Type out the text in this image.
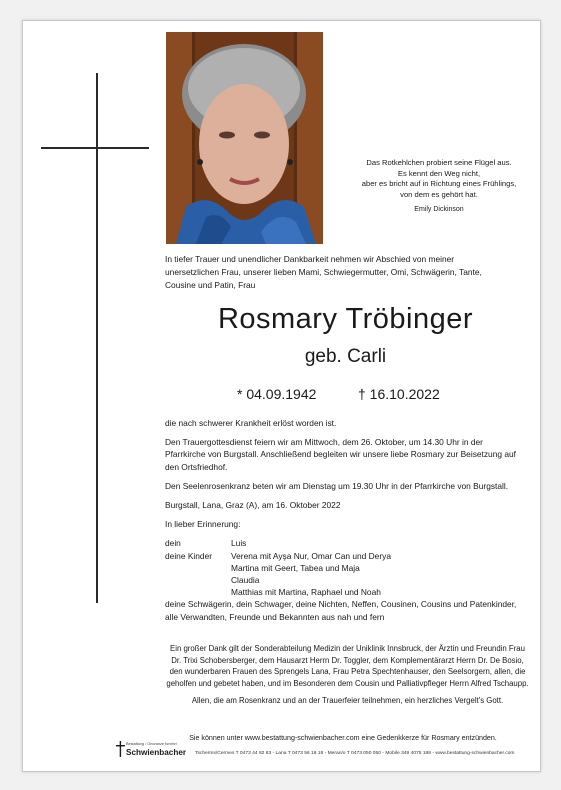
Das Rotkehlchen probiert seine Flügel aus.
Es kennt den Weg nicht,
aber es bricht auf in Richtung eines Frühlings,
von dem es gehört hat.
Emily Dickinson
In tiefer Trauer und unendlicher Dankbarkeit nehmen wir Abschied von meiner unersetzlichen Frau, unserer lieben Mami, Schwiegermutter, Omi, Schwägerin, Tante, Cousine und Patin, Frau
Rosmary Tröbinger
geb. Carli
* 04.09.1942	† 16.10.2022

die nach schwerer Krankheit erlöst worden ist.

Den Trauergottesdienst feiern wir am Mittwoch, dem 26. Oktober, um 14.30 Uhr in der Pfarrkirche von Burgstall. Anschließend begleiten wir unsere liebe Rosmary zur Beisetzung auf den Ortsfriedhof.

Den Seelenrosenkranz beten wir am Dienstag um 19.30 Uhr in der Pfarrkirche von Burgstall.

Burgstall, Lana, Graz (A), am 16. Oktober 2022

In lieber Erinnerung:

dein	Luis
deine Kinder	Verena mit Ayşa Nur, Omar Can und Derya
Martina mit Geert, Tabea und Maja
Claudia
Matthias mit Martina, Raphael und Noah
deine Schwägerin, dein Schwager, deine Nichten, Neffen, Cousinen, Cousins und Patenkinder, alle Verwandten, Freunde und Bekannten aus nah und fern

Ein großer Dank gilt der Sonderabteilung Medizin der Uniklinik Innsbruck, der Ärztin und Freundin Frau Dr. Trixi Schobersberger, dem Hausarzt Herrn Dr. Toggler, dem Komplementärarzt Herrn Dr. De Bosio, den wunderbaren Frauen des Sprengels Lana, Frau Petra Spechtenhauser, den Seelsorgern, allen, die geholfen und gebetet haben, und im Besonderen dem Cousin und Palliativpfleger Herrn Alfred Tschaupp.

Allen, die am Rosenkranz und an der Trauerfeier teilnehmen, ein herzliches Vergelt's Gott.

Sie können unter www.bestattung-schwienbacher.com eine Gedenkkerze für Rosmary entzünden.
Bestattung / Onoranze funebri
Schwienbacher Tscherms/Cermes T 0473 44 82 83 - Lana T 0473 56 18 18 - Meran/o T 0473 050 050 - Mobile 349 4075 188 - www.bestattung-schwienbacher.com
